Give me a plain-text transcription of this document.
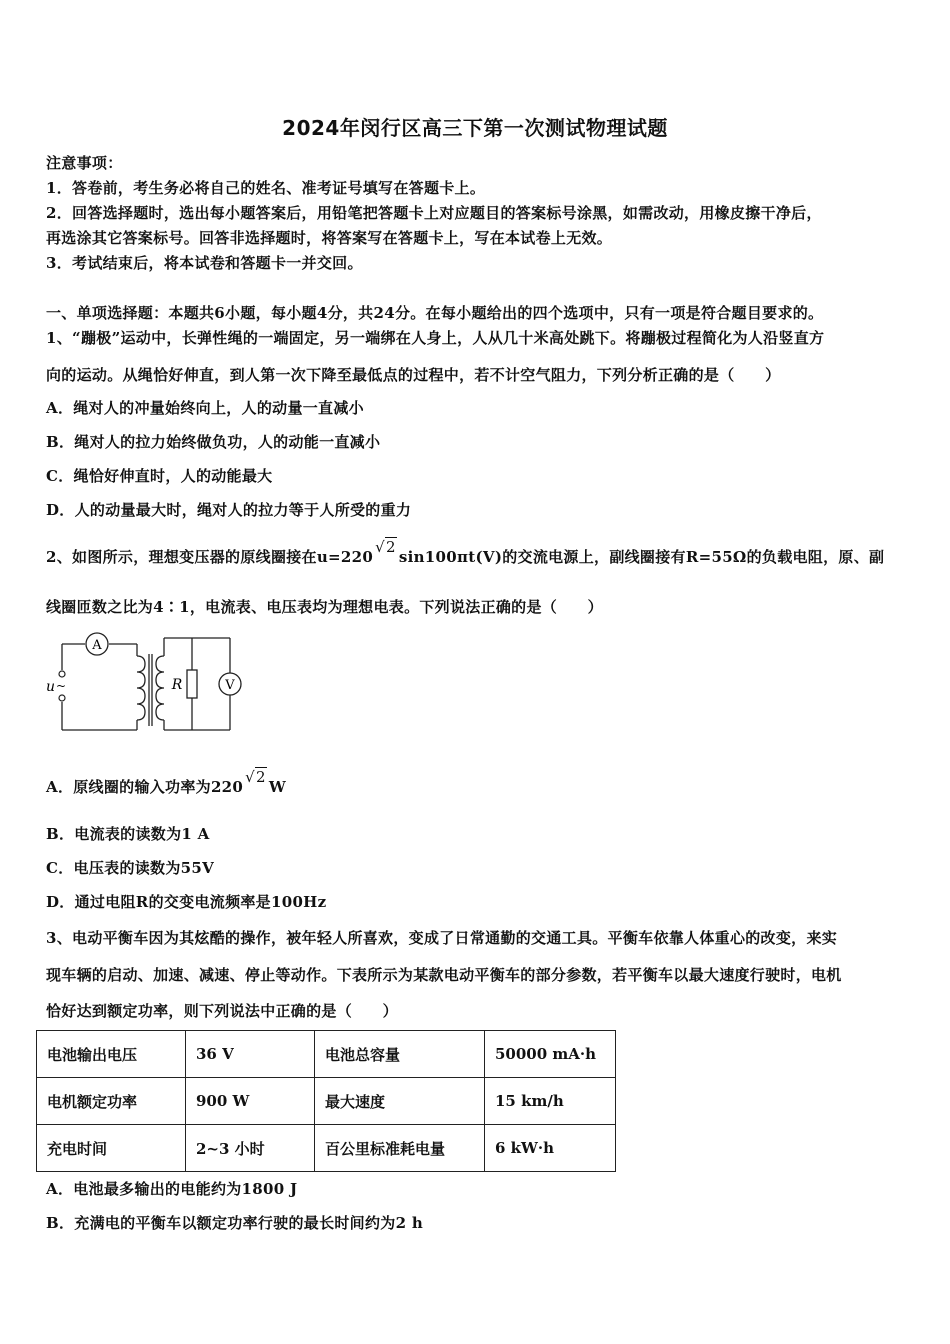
2024年闵行区高三下第一次测试物理试题
注意事项：
1．答卷前，考生务必将自己的姓名、准考证号填写在答题卡上。
2．回答选择题时，选出每小题答案后，用铅笔把答题卡上对应题目的答案标号涂黑，如需改动，用橡皮擦干净后，
再选涂其它答案标号。回答非选择题时，将答案写在答题卡上，写在本试卷上无效。
3．考试结束后，将本试卷和答题卡一并交回。
一、单项选择题：本题共6小题，每小题4分，共24分。在每小题给出的四个选项中，只有一项是符合题目要求的。
1、“蹦极”运动中，长弹性绳的一端固定，另一端绑在人身上，人从几十米高处跳下。将蹦极过程简化为人沿竖直方
向的运动。从绳恰好伸直，到人第一次下降至最低点的过程中，若不计空气阻力，下列分析正确的是（　　）
A．绳对人的冲量始终向上，人的动量一直减小
B．绳对人的拉力始终做负功，人的动能一直减小
C．绳恰好伸直时，人的动能最大
D．人的动量最大时，绳对人的拉力等于人所受的重力
2、如图所示，理想变压器的原线圈接在u=220√2sin100πt(V)的交流电源上，副线圈接有R=55Ω的负载电阻，原、副
线圈匝数之比为4∶1，电流表、电压表均为理想电表。下列说法正确的是（　　）
A
R	V
u ~
A．原线圈的输入功率为220√2W
B．电流表的读数为1 A
C．电压表的读数为55V
D．通过电阻R的交变电流频率是100Hz
3、电动平衡车因为其炫酷的操作，被年轻人所喜欢，变成了日常通勤的交通工具。平衡车依靠人体重心的改变，来实
现车辆的启动、加速、减速、停止等动作。下表所示为某款电动平衡车的部分参数，若平衡车以最大速度行驶时，电机
恰好达到额定功率，则下列说法中正确的是（　　）
电池输出电压	36 V	电池总容量	50000 mA·h
电机额定功率	900 W	最大速度	15 km/h
充电时间	2~3 小时	百公里标准耗电量	6 kW·h
A．电池最多输出的电能约为1800 J
B．充满电的平衡车以额定功率行驶的最长时间约为2 h
